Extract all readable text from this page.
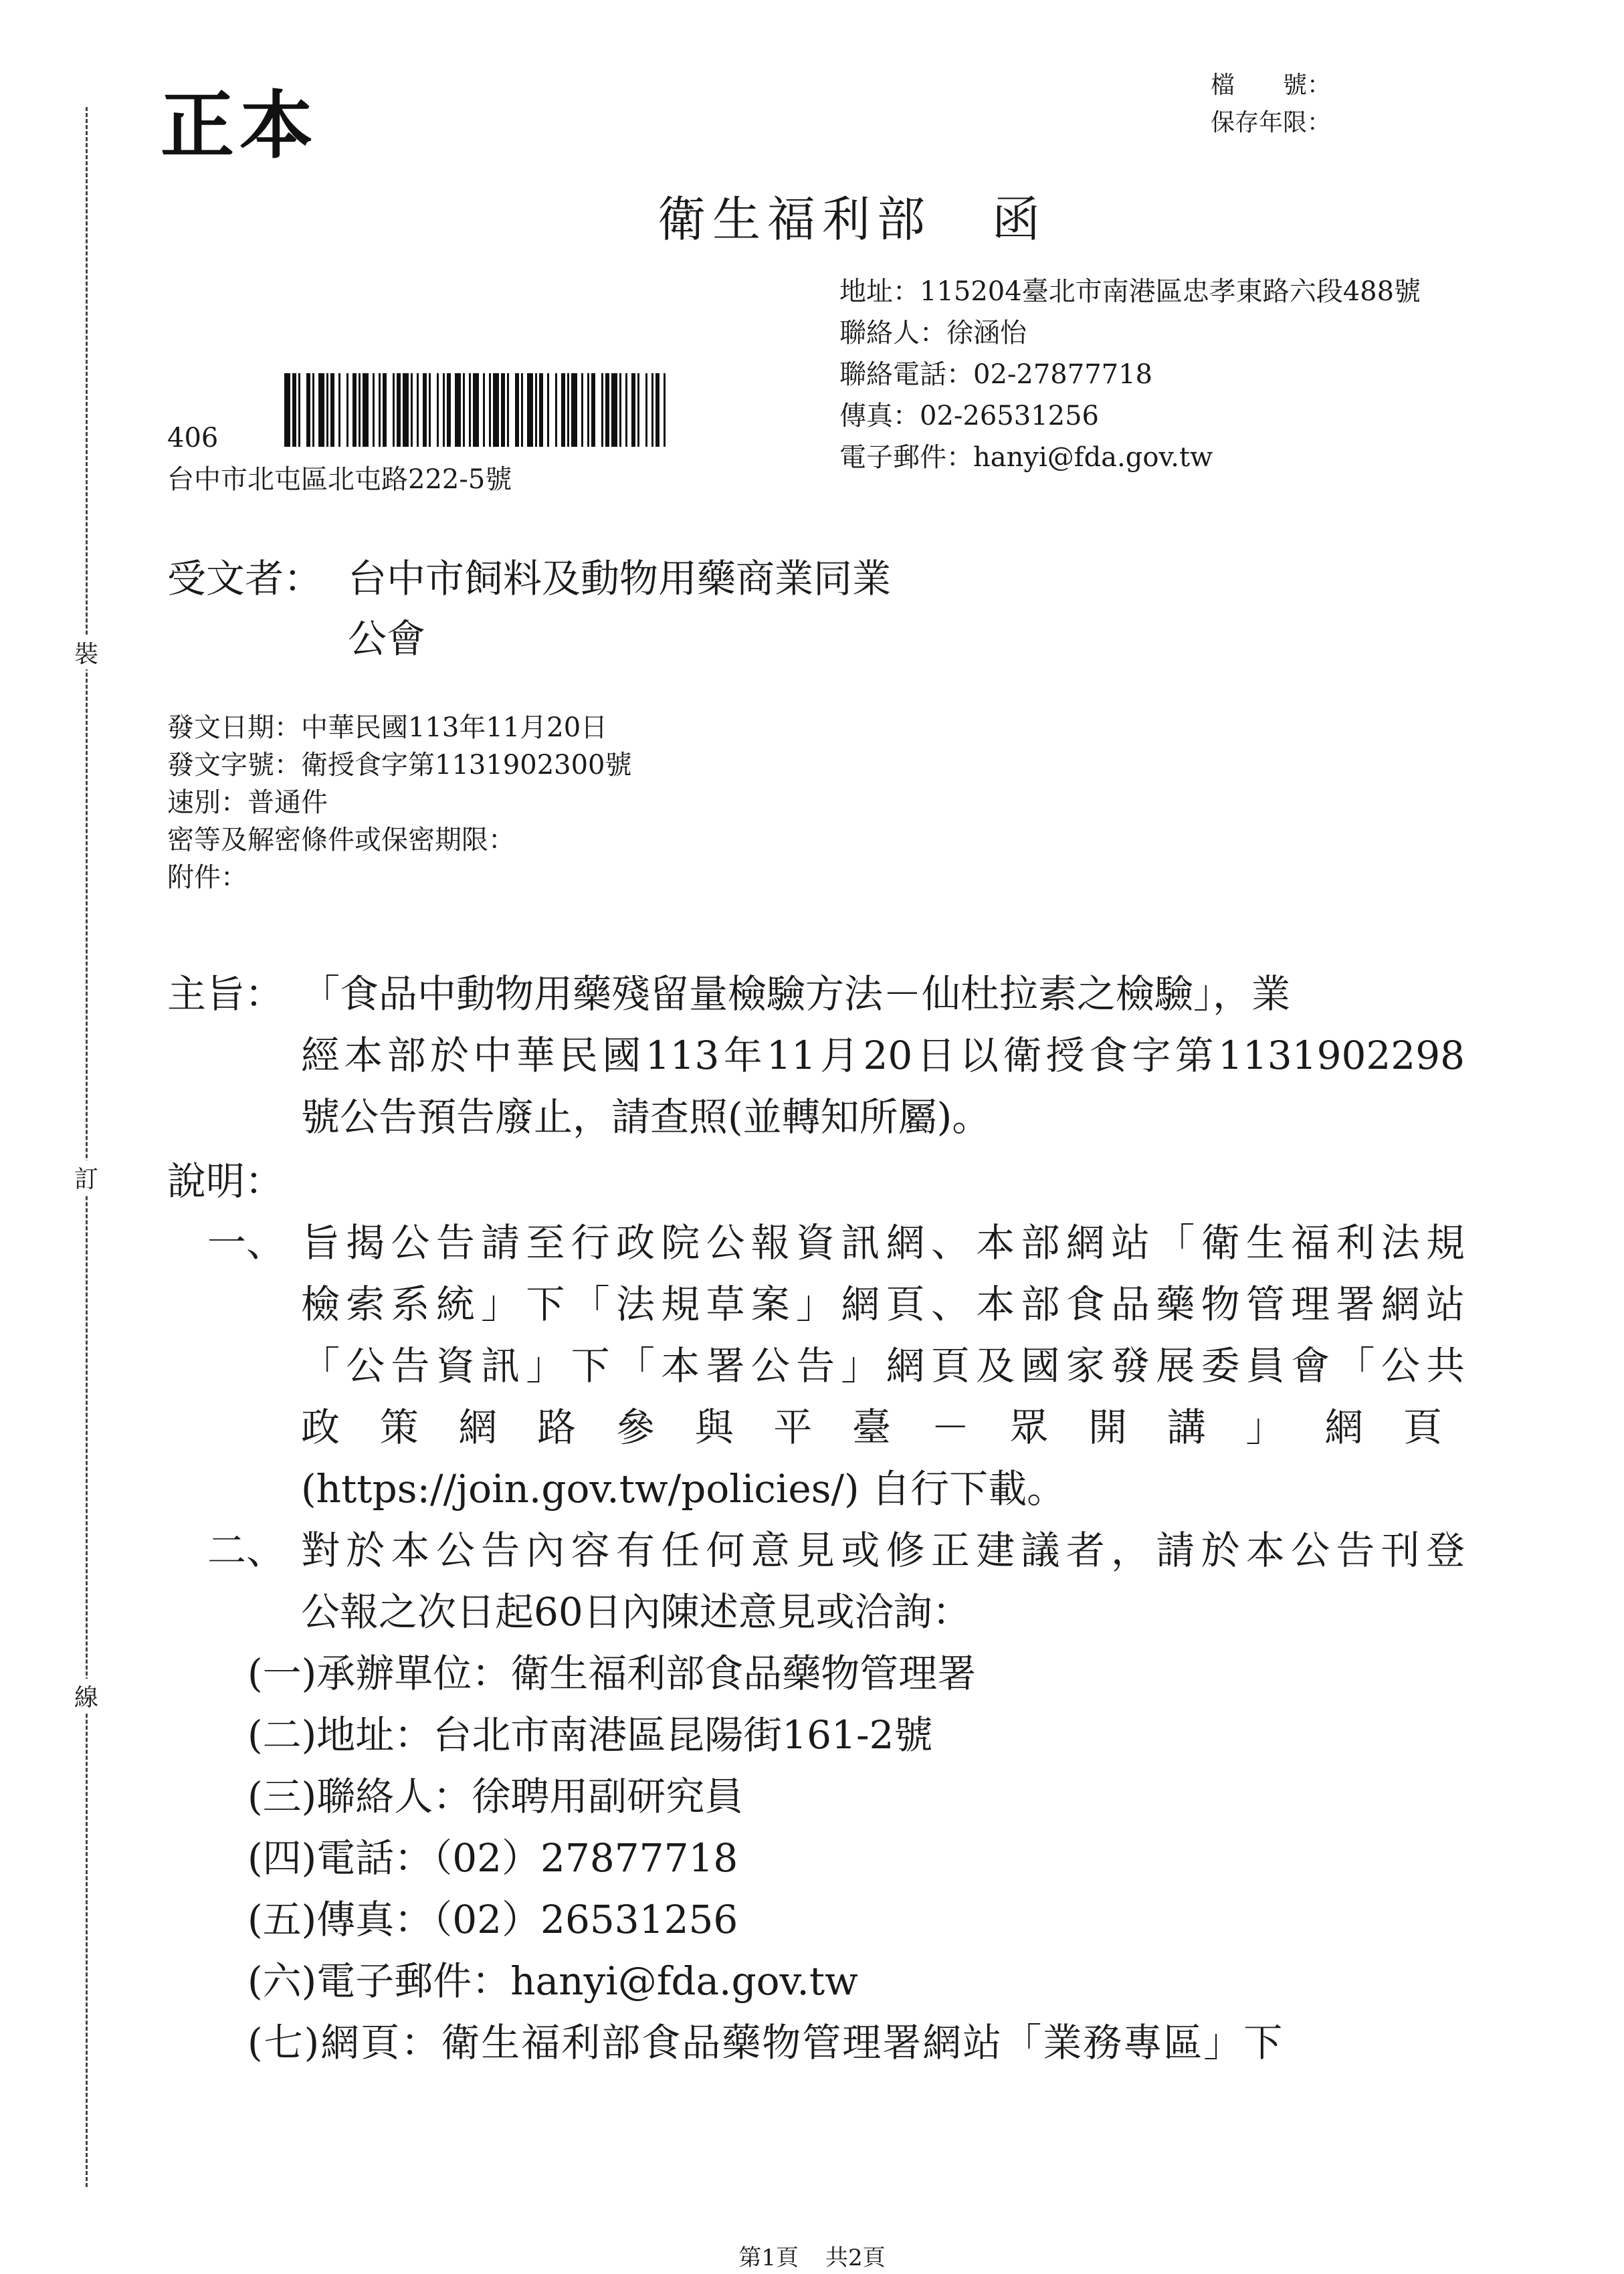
裝
訂
線
正本	檔　　號：
保存年限：
衛生福利部 函
地址：115204臺北市南港區忠孝東路六段488號
聯絡人：徐涵怡
聯絡電話：02-27877718
傳真：02-26531256
電子郵件：hanyi@fda.gov.tw
406
台中市北屯區北屯路222-5號
受文者： 台中市飼料及動物用藥商業同業
公會
發文日期：中華民國113年11月20日
發文字號：衛授食字第1131902300號
速別：普通件
密等及解密條件或保密期限：
附件：
主旨： 「食品中動物用藥殘留量檢驗方法－仙杜拉素之檢驗」，業
經本部於中華民國113年11月20日以衛授食字第1131902298
號公告預告廢止，請查照(並轉知所屬)。
說明：
一、 旨揭公告請至行政院公報資訊網、本部網站「衛生福利法規
檢索系統」下「法規草案」網頁、本部食品藥物管理署網站
「公告資訊」下「本署公告」網頁及國家發展委員會「公共
政策網路參與平臺－眾開講」網頁
(https://join.gov.tw/policies/) 自行下載。
二、 對於本公告內容有任何意見或修正建議者，請於本公告刊登
公報之次日起60日內陳述意見或洽詢：
(一)承辦單位：衛生福利部食品藥物管理署
(二)地址：台北市南港區昆陽街161-2號
(三)聯絡人：徐聘用副研究員
(四)電話：（02）27877718
(五)傳真：（02）26531256
(六)電子郵件：hanyi@fda.gov.tw
(七)網頁：衛生福利部食品藥物管理署網站「業務專區」下
第1頁 共2頁
